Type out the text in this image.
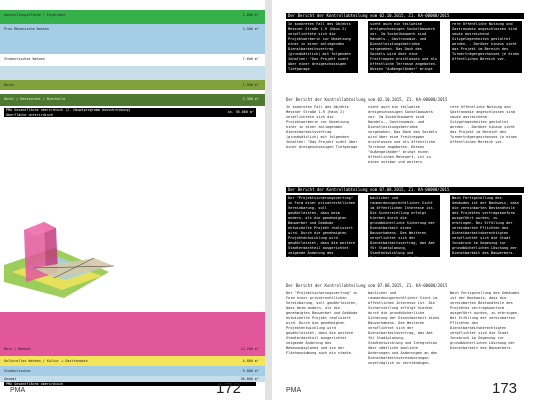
Ausstellungsfläche / Foyerzone	2.800 m²
Pros Mesenische Wohnen	2.500 m²
Studentisches Wohnen	7.600 m²
Büros	1.500 m²
Hotel / Restaurant / Bierhalle	2.300 m²
PMA Gesamtfläche oberirdisch (2. Hauptprogramm Ausschreibung)
Oberfläche unterirdisch
ca. 36.800 m²
Büro / Wohnen	14.200 m²
Kulturelles Wohnen / Kultur + Gastronomie	4.800 m²
Studentisches	9.800 m²
Gesamt	36.800 m²
PMA Gesamtfläche oberirdisch
PMA	172
Der Bericht der Kontrollabteilung vom 02.10.2015, Z1. KA-00000/2015
In konkreten Fall des Objekts Messner Straße 1-9 (Haus 2) verpflichtete sich die Projektwerberin zur Umsetzung einer in einer anliegenden Dienstbarkeitsvertrag (grundsätzlich) mit folgenden Inhalten: "Das Projekt sieht über einer dreigeschossigen Tiefgarage
sieht auch ein teilweise dreigeschossigen Sockelbauwerk vor. Im Sockelbauwerk sind Handels-, Gastronomie- und Dienstleistungsbetriebe vorgesehen. Das Dach des Sockels wird über eine Freitreppen erschlossen und als öffentliche Terrasse angeboten. Dessen "Außengeländer" bringt einen öffentlichen Mehrwert, ist zu einen nutzbar und weiters
rere öffentliche Nutzung und Gastronomie angeschlossen sind sowie ausreichend Sitzgelegenheiten gestaltet werden. - Darüber hinaus sieht das Projekt im Bereich des Turmerträgergeschosses je einen öffentlichen Bereich vor.
Der Bericht der Kontrollabteilung vom 02.10.2015, Z1. KA-00000/2015
In konkreten Fall des Objekts Messner Straße 1-9 (Haus 2) verpflichtete sich die Projektwerberin zur Umsetzung einer in einer anliegenden Dienstbarkeitsvertrag (grundsätzlich) mit folgenden Inhalten: "Das Projekt sieht über einer dreigeschossigen Tiefgarage
sieht auch ein teilweise dreigeschossigen Sockelbauwerk vor. Im Sockelbauwerk sind Handels-, Gastronomie- und Dienstleistungsbetriebe vorgesehen. Das Dach des Sockels wird über eine Freitreppen erschlossen und als öffentliche Terrasse angeboten. Dessen "Außengeländer" bringt einen öffentlichen Mehrwert, ist zu einen nutzbar und weiters
rere öffentliche Nutzung und Gastronomie angeschlossen sind sowie ausreichend Sitzgelegenheiten gestaltet werden. - Darüber hinaus sieht das Projekt im Bereich des Turmerträgergeschosses je einen öffentlichen Bereich vor.
Der Bericht der Kontrollabteilung vom 07.08.2015, Z1. KA-00000/2015
Der "Projektsicherungsvertrag" in Form einer privatrechtlichen Vereinbarung, soll gewährleisten, dass beim andern, als die genehmigten Bauwerber und Gebäude entwickelte Projekt realisiert wird. Durch die genehmigten Projektentwicklung wird gewährleistet, dass die weitere Stadterdachteil ausgerichtet zeigende Änderung des Bebauungsplanes und sie der Flächenwidmung auch ein stadte-
baulicher und raumordnungsrechtlicher Sicht im öffentlichen Interesse ist. Die Sicherstellung erfolgt hierbei durch die grundbücherliche Sicherung der Dienstbarkeit eines Bauvorhabens. Des Weiteren verpflichtet sich der Dienstbarkeitsvertrag, das Amt für Stadtplanung, Stadtentwicklung und Integration über sämtliche bauliche Änderungen und Änderungen an den Dienstbarkeitsvereinbarungen unverzüglich zu verständigen.
Nach Fertigstellung des Gebäudes ist der Nachweis, dass die vereinbarten Bestandteile des Projektes vertragskonform ausgeführt wurden, zu erbringen. Bei Erfüllung der vereinbarten Pflichten des Dienstbarkeitsberechtigten verpflichtet sich die Stadt Innsbruck im Gegenzug zur grundbücherlichen Löschung der Dienstbarkeit des Bauwerbers.
Der Bericht der Kontrollabteilung vom 07.08.2015, Z1. KA-00000/2015
Der "Projektsicherungsvertrag" in Form einer privatrechtlichen Vereinbarung, soll gewährleisten, dass beim andern, als die genehmigten Bauwerber und Gebäude entwickelte Projekt realisiert wird. Durch die genehmigten Projektentwicklung wird gewährleistet, dass die weitere Stadterdachteil ausgerichtet zeigende Änderung des Bebauungsplanes und sie der Flächenwidmung auch ein stadte-
baulicher und raumordnungsrechtlicher Sicht im öffentlichen Interesse ist. Die Sicherstellung erfolgt hierbei durch die grundbücherliche Sicherung der Dienstbarkeit eines Bauvorhabens. Des Weiteren verpflichtet sich der Dienstbarkeitsvertrag, das Amt für Stadtplanung, Stadtentwicklung und Integration über sämtliche bauliche Änderungen und Änderungen an den Dienstbarkeitsvereinbarungen unverzüglich zu verständigen.
Nach Fertigstellung des Gebäudes ist der Nachweis, dass die vereinbarten Bestandteile des Projektes vertragskonform ausgeführt wurden, zu erbringen. Bei Erfüllung der vereinbarten Pflichten des Dienstbarkeitsberechtigten verpflichtet sich die Stadt Innsbruck im Gegenzug zur grundbücherlichen Löschung der Dienstbarkeit des Bauwerbers.
PMA	173
